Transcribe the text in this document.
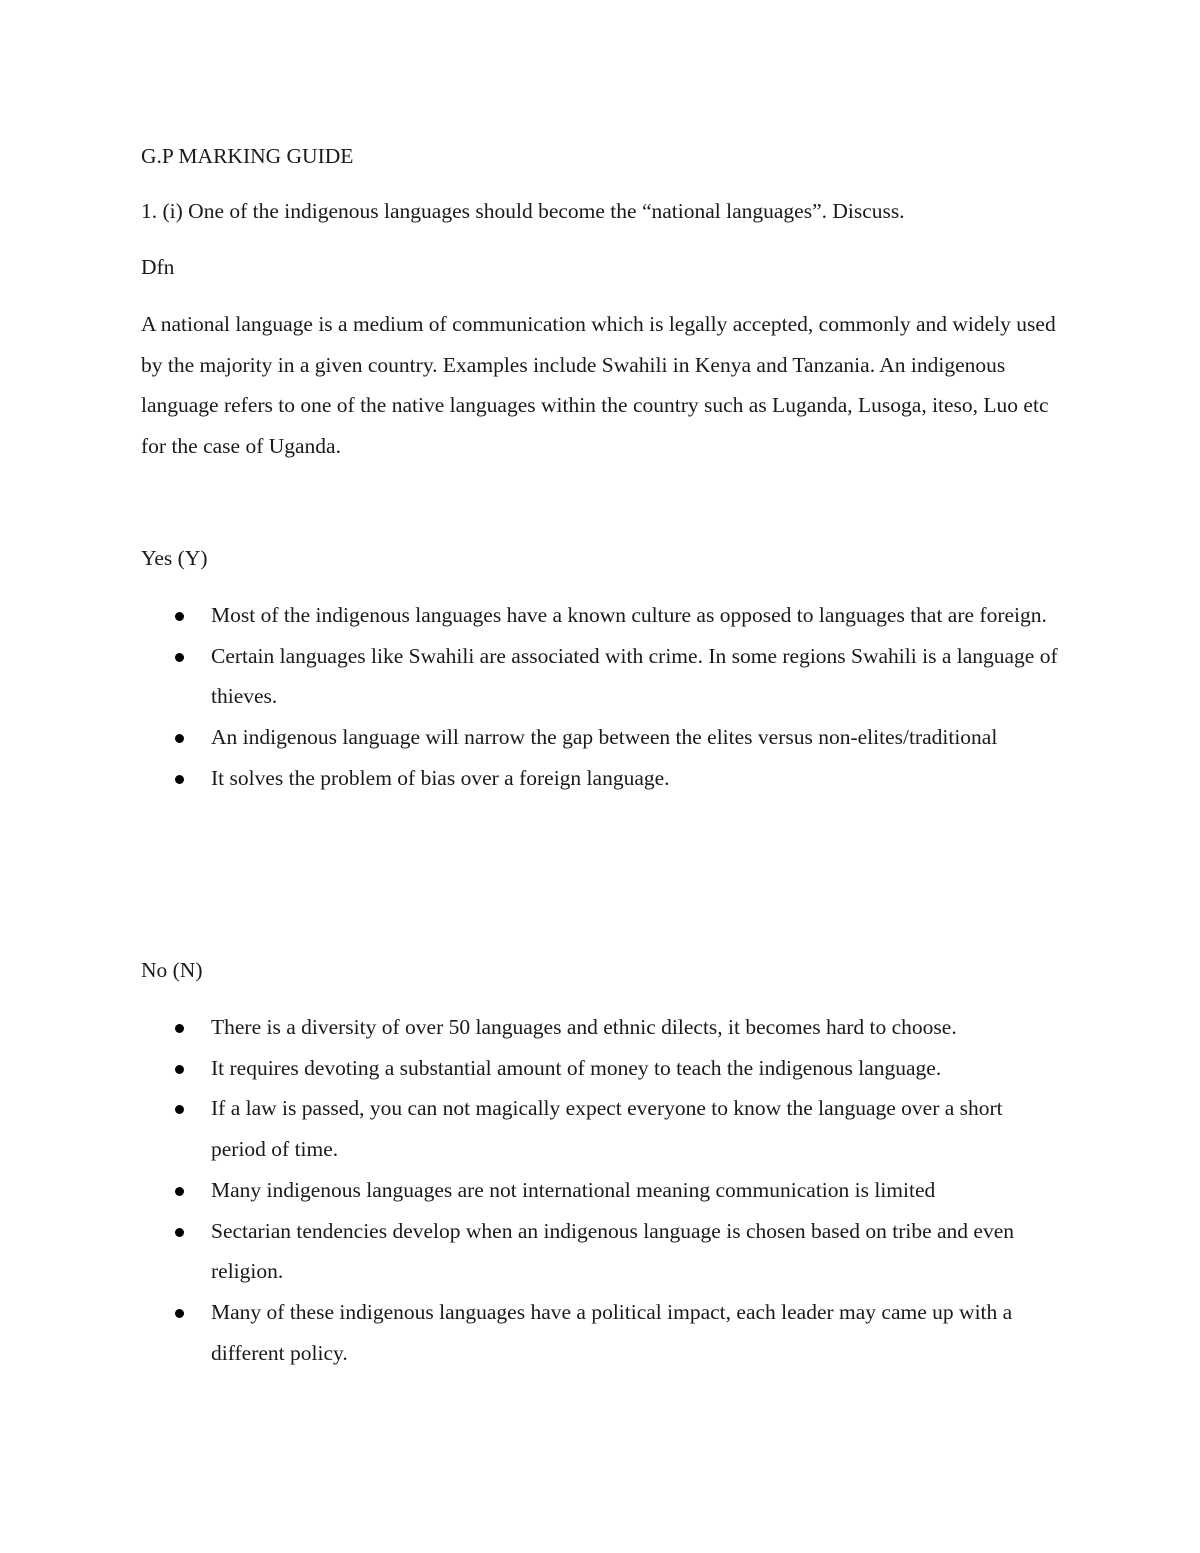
G.P MARKING GUIDE

1. (i) One of the indigenous languages should become the “national languages”. Discuss.

Dfn

A national language is a medium of communication which is legally accepted, commonly and widely used by the majority in a given country. Examples include Swahili in Kenya and Tanzania. An indigenous language refers to one of the native languages within the country such as Luganda, Lusoga, iteso, Luo etc for the case of Uganda.

Yes (Y)

Most of the indigenous languages have a known culture as opposed to languages that are foreign.
Certain languages like Swahili are associated with crime. In some regions Swahili is a language of thieves.
An indigenous language will narrow the gap between the elites versus non-elites/traditional
It solves the problem of bias over a foreign language.

No (N)

There is a diversity of over 50 languages and ethnic dilects, it becomes hard to choose.
It requires devoting a substantial amount of money to teach the indigenous language.
If a law is passed, you can not magically expect everyone to know the language over a short period of time.
Many indigenous languages are not international meaning communication is limited
Sectarian tendencies develop when an indigenous language is chosen based on tribe and even religion.
Many of these indigenous languages have a political impact, each leader may came up with a different policy.
